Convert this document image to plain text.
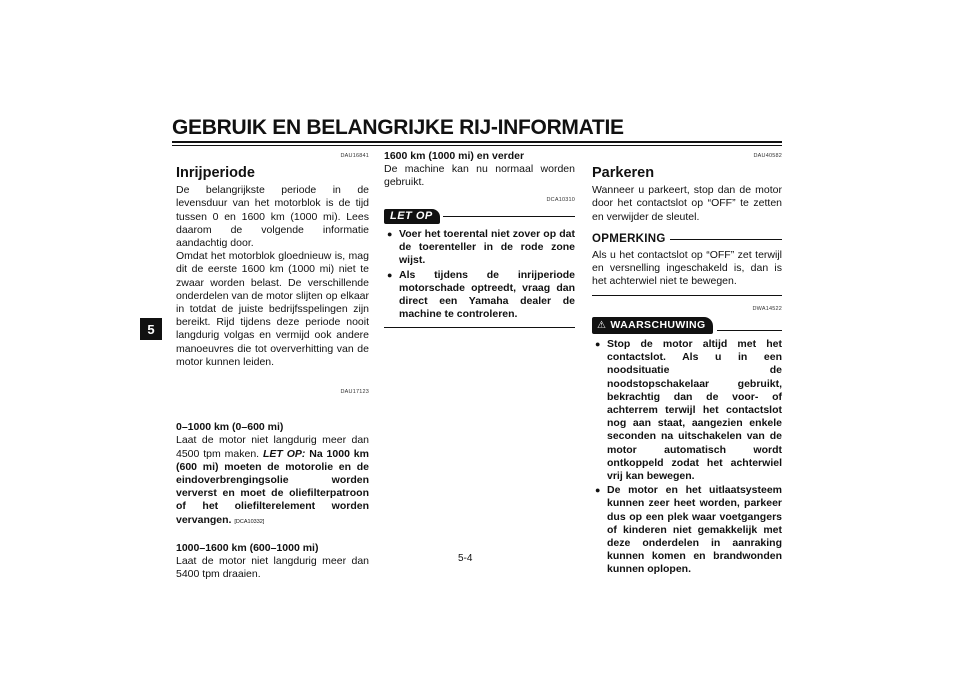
GEBRUIK EN BELANGRIJKE RIJ-INFORMATIE
5
DAU16841
Inrijperiode

De belangrijkste periode in de levensduur van het motorblok is de tijd tussen 0 en 1600 km (1000 mi). Lees daarom de volgende informatie aandachtig door.

Omdat het motorblok gloednieuw is, mag dit de eerste 1600 km (1000 mi) niet te zwaar worden belast. De verschillende onderdelen van de motor slijten op elkaar in totdat de juiste bedrijfsspelingen zijn bereikt. Rijd tijdens deze periode nooit langdurig volgas en vermijd ook andere manoeuvres die tot oververhitting van de motor kunnen leiden.

DAU17123

0–1000 km (0–600 mi)

Laat de motor niet langdurig meer dan 4500 tpm maken. LET OP: Na 1000 km (600 mi) moeten de motorolie en de eindoverbrengingsolie worden ververst en moet de oliefilterpatroon of het oliefilterelement worden vervangen. [DCA10332]

1000–1600 km (600–1000 mi)

Laat de motor niet langdurig meer dan 5400 tpm draaien.

1600 km (1000 mi) en verder

De machine kan nu normaal worden gebruikt.
DCA10310
LET OP
● Voer het toerental niet zover op dat de toerenteller in de rode zone wijst.
● Als tijdens de inrijperiode motorschade optreedt, vraag dan direct een Yamaha dealer de machine te controleren.
DAU40582
Parkeren
Wanneer u parkeert, stop dan de motor door het contactslot op “OFF” te zetten en verwijder de sleutel.
OPMERKING
Als u het contactslot op “OFF” zet terwijl en versnelling ingeschakeld is, dan is het achterwiel niet te bewegen.
DWA14522
⚠ WAARSCHUWING
● Stop de motor altijd met het contactslot. Als u in een noodsituatie de noodstopschakelaar gebruikt, bekrachtig dan de voor- of achterrem terwijl het contactslot nog aan staat, aangezien enkele seconden na uitschakelen van de motor automatisch wordt ontkoppeld zodat het achterwiel vrij kan bewegen.
● De motor en het uitlaatsysteem kunnen zeer heet worden, parkeer dus op een plek waar voetgangers of kinderen niet gemakkelijk met deze onderdelen in aanraking kunnen komen en brandwonden kunnen oplopen.
5-4
